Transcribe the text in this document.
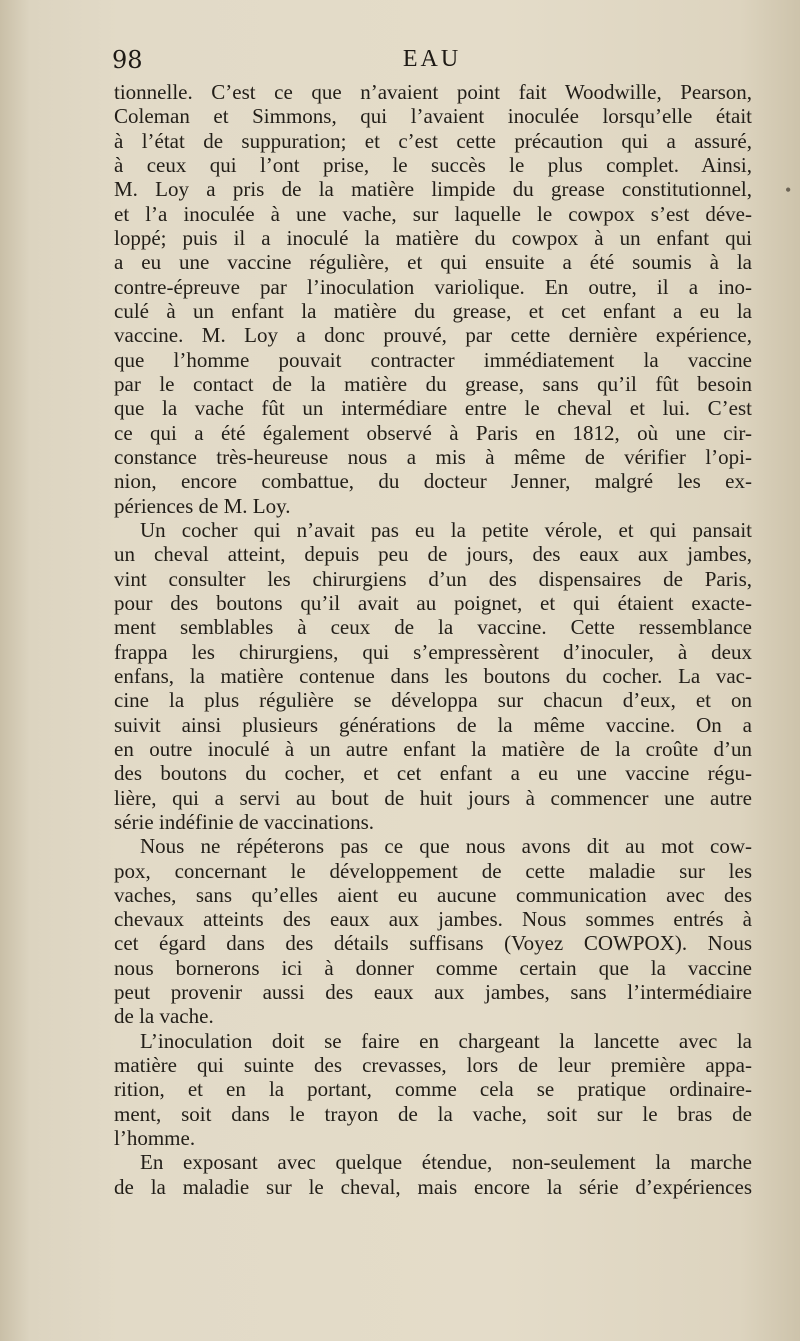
98	EAU
tionnelle. C’est ce que n’avaient point fait Woodwille, Pearson,
Coleman et Simmons, qui l’avaient inoculée lorsqu’elle était
à l’état de suppuration; et c’est cette précaution qui a assuré,
à ceux qui l’ont prise, le succès le plus complet. Ainsi,
M. Loy a pris de la matière limpide du grease constitutionnel,
et l’a inoculée à une vache, sur laquelle le cowpox s’est déve-
loppé; puis il a inoculé la matière du cowpox à un enfant qui
a eu une vaccine régulière, et qui ensuite a été soumis à la
contre-épreuve par l’inoculation variolique. En outre, il a ino-
culé à un enfant la matière du grease, et cet enfant a eu la
vaccine. M. Loy a donc prouvé, par cette dernière expérience,
que l’homme pouvait contracter immédiatement la vaccine
par le contact de la matière du grease, sans qu’il fût besoin
que la vache fût un intermédiare entre le cheval et lui. C’est
ce qui a été également observé à Paris en 1812, où une cir-
constance très-heureuse nous a mis à même de vérifier l’opi-
nion, encore combattue, du docteur Jenner, malgré les ex-
périences de M. Loy.
Un cocher qui n’avait pas eu la petite vérole, et qui pansait
un cheval atteint, depuis peu de jours, des eaux aux jambes,
vint consulter les chirurgiens d’un des dispensaires de Paris,
pour des boutons qu’il avait au poignet, et qui étaient exacte-
ment semblables à ceux de la vaccine. Cette ressemblance
frappa les chirurgiens, qui s’empressèrent d’inoculer, à deux
enfans, la matière contenue dans les boutons du cocher. La vac-
cine la plus régulière se développa sur chacun d’eux, et on
suivit ainsi plusieurs générations de la même vaccine. On a
en outre inoculé à un autre enfant la matière de la croûte d’un
des boutons du cocher, et cet enfant a eu une vaccine régu-
lière, qui a servi au bout de huit jours à commencer une autre
série indéfinie de vaccinations.
Nous ne répéterons pas ce que nous avons dit au mot cow-
pox, concernant le développement de cette maladie sur les
vaches, sans qu’elles aient eu aucune communication avec des
chevaux atteints des eaux aux jambes. Nous sommes entrés à
cet égard dans des détails suffisans (Voyez COWPOX). Nous
nous bornerons ici à donner comme certain que la vaccine
peut provenir aussi des eaux aux jambes, sans l’intermédiaire
de la vache.
L’inoculation doit se faire en chargeant la lancette avec la
matière qui suinte des crevasses, lors de leur première appa-
rition, et en la portant, comme cela se pratique ordinaire-
ment, soit dans le trayon de la vache, soit sur le bras de
l’homme.
En exposant avec quelque étendue, non-seulement la marche
de la maladie sur le cheval, mais encore la série d’expériences
•
